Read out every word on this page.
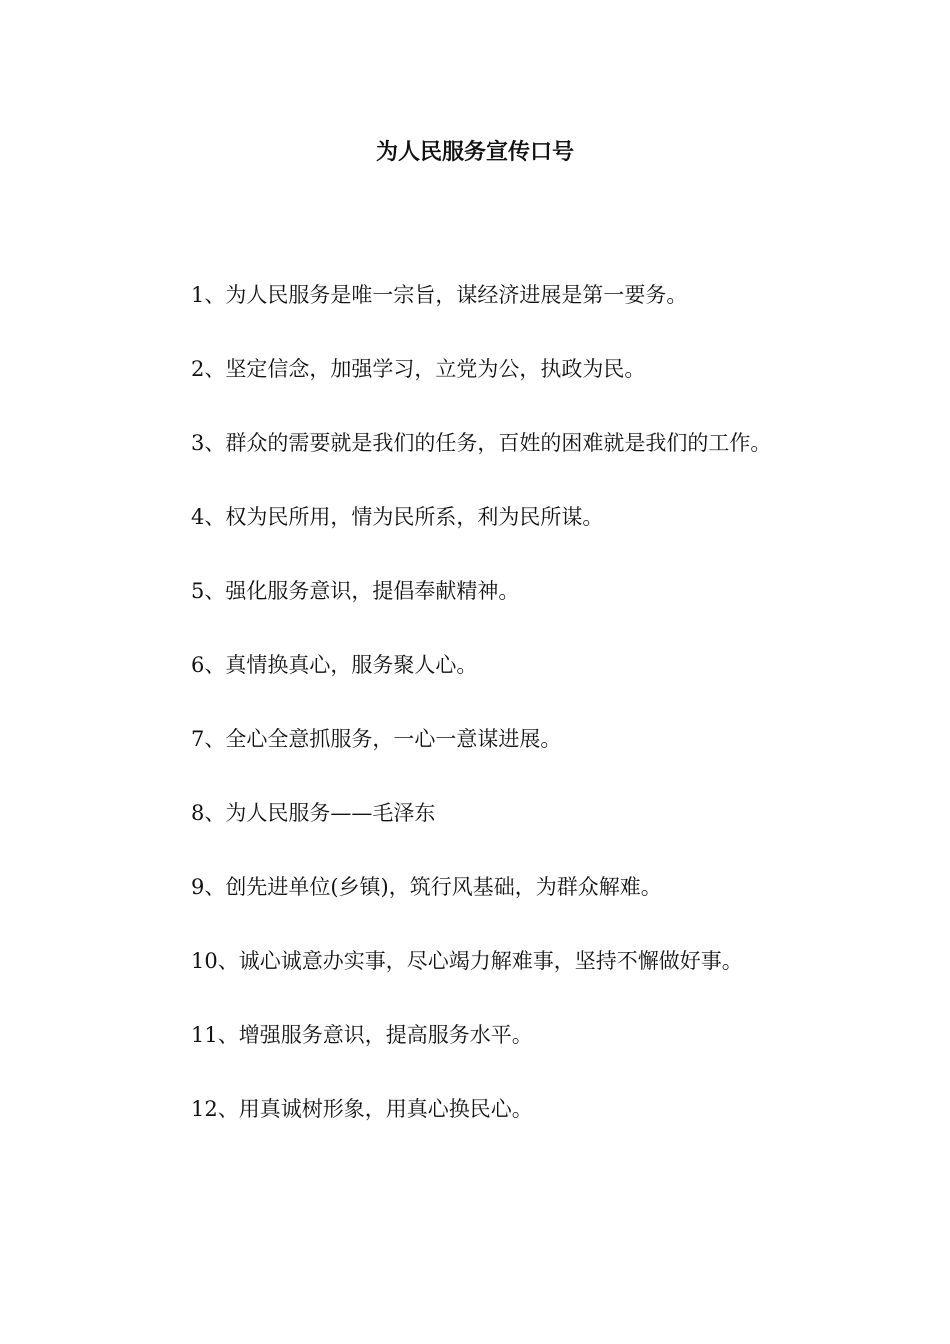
为人民服务宣传口号
1、为人民服务是唯一宗旨，谋经济进展是第一要务。
2、坚定信念，加强学习，立党为公，执政为民。
3、群众的需要就是我们的任务，百姓的困难就是我们的工作。
4、权为民所用，情为民所系，利为民所谋。
5、强化服务意识，提倡奉献精神。
6、真情换真心，服务聚人心。
7、全心全意抓服务，一心一意谋进展。
8、为人民服务——毛泽东
9、创先进单位(乡镇)，筑行风基础，为群众解难。
10、诚心诚意办实事，尽心竭力解难事，坚持不懈做好事。
11、增强服务意识，提高服务水平。
12、用真诚树形象，用真心换民心。
